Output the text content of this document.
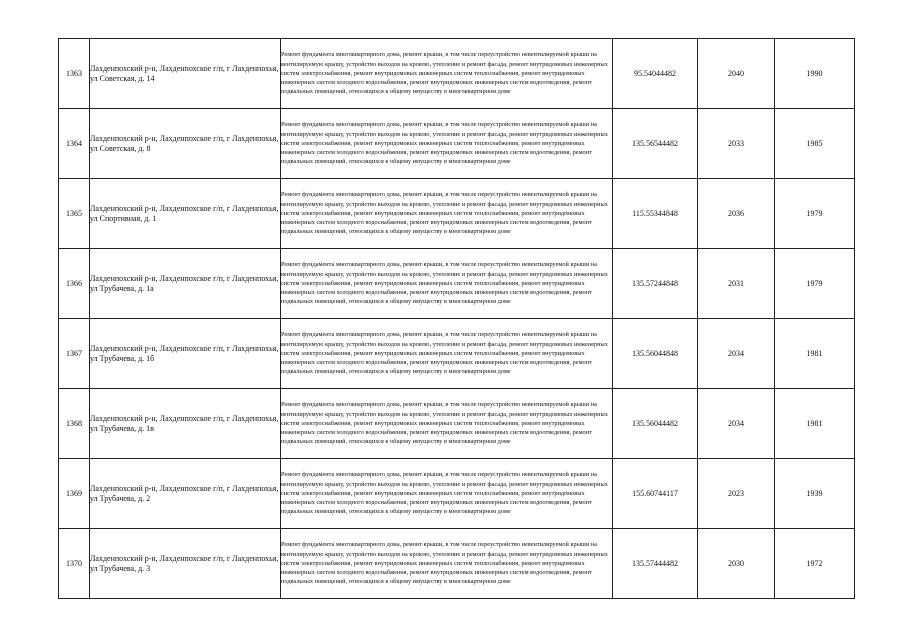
1363	Лахденпохский р-н, Лахденпохское г/п, г Лахденпохья, ул Советская, д. 14	Ремонт фундамента многоквартирного дома, ремонт крыши, в том числе переустройство невентилируемой крыши на вентилируемую крышу, устройство выходов на кровлю, утепление и ремонт фасада, ремонт внутридомовых инженерных систем электроснабжения, ремонт внутридомовых инженерных систем теплоснабжения, ремонт внутридомовых инженерных систем холодного водоснабжения, ремонт внутридомовых инженерных систем водоотведения, ремонт подвальных помещений, относящихся к общему имуществу в многоквартирном доме	95.54044482	2040	1990
1364	Лахденпохский р-н, Лахденпохское г/п, г Лахденпохья, ул Советская, д. 8	Ремонт фундамента многоквартирного дома, ремонт крыши, в том числе переустройство невентилируемой крыши на вентилируемую крышу, устройство выходов на кровлю, утепление и ремонт фасада, ремонт внутридомовых инженерных систем электроснабжения, ремонт внутридомовых инженерных систем теплоснабжения, ремонт внутридомовых инженерных систем холодного водоснабжения, ремонт внутридомовых инженерных систем водоотведения, ремонт подвальных помещений, относящихся к общему имуществу в многоквартирном доме	135.56544482	2033	1985
1365	Лахденпохский р-н, Лахденпохское г/п, г Лахденпохья, ул Спортивная, д. 1	Ремонт фундамента многоквартирного дома, ремонт крыши, в том числе переустройство невентилируемой крыши на вентилируемую крышу, устройство выходов на кровлю, утепление и ремонт фасада, ремонт внутридомовых инженерных систем электроснабжения, ремонт внутридомовых инженерных систем теплоснабжения, ремонт внутридомовых инженерных систем холодного водоснабжения, ремонт внутридомовых инженерных систем водоотведения, ремонт подвальных помещений, относящихся к общему имуществу в многоквартирном доме	115.55344848	2036	1979
1366	Лахденпохский р-н, Лахденпохское г/п, г Лахденпохья, ул Трубачева, д. 1а	Ремонт фундамента многоквартирного дома, ремонт крыши, в том числе переустройство невентилируемой крыши на вентилируемую крышу, устройство выходов на кровлю, утепление и ремонт фасада, ремонт внутридомовых инженерных систем электроснабжения, ремонт внутридомовых инженерных систем теплоснабжения, ремонт внутридомовых инженерных систем холодного водоснабжения, ремонт внутридомовых инженерных систем водоотведения, ремонт подвальных помещений, относящихся к общему имуществу в многоквартирном доме	135.57244848	2031	1979
1367	Лахденпохский р-н, Лахденпохское г/п, г Лахденпохья, ул Трубачева, д. 1б	Ремонт фундамента многоквартирного дома, ремонт крыши, в том числе переустройство невентилируемой крыши на вентилируемую крышу, устройство выходов на кровлю, утепление и ремонт фасада, ремонт внутридомовых инженерных систем электроснабжения, ремонт внутридомовых инженерных систем теплоснабжения, ремонт внутридомовых инженерных систем холодного водоснабжения, ремонт внутридомовых инженерных систем водоотведения, ремонт подвальных помещений, относящихся к общему имуществу в многоквартирном доме	135.56044848	2034	1981
1368	Лахденпохский р-н, Лахденпохское г/п, г Лахденпохья, ул Трубачева, д. 1в	Ремонт фундамента многоквартирного дома, ремонт крыши, в том числе переустройство невентилируемой крыши на вентилируемую крышу, устройство выходов на кровлю, утепление и ремонт фасада, ремонт внутридомовых инженерных систем электроснабжения, ремонт внутридомовых инженерных систем теплоснабжения, ремонт внутридомовых инженерных систем холодного водоснабжения, ремонт внутридомовых инженерных систем водоотведения, ремонт подвальных помещений, относящихся к общему имуществу в многоквартирном доме	135.56044482	2034	1981
1369	Лахденпохский р-н, Лахденпохское г/п, г Лахденпохья, ул Трубачева, д. 2	Ремонт фундамента многоквартирного дома, ремонт крыши, в том числе переустройство невентилируемой крыши на вентилируемую крышу, устройство выходов на кровлю, утепление и ремонт фасада, ремонт внутридомовых инженерных систем электроснабжения, ремонт внутридомовых инженерных систем теплоснабжения, ремонт внутридомовых инженерных систем холодного водоснабжения, ремонт внутридомовых инженерных систем водоотведения, ремонт подвальных помещений, относящихся к общему имуществу в многоквартирном доме	155.60744117	2023	1939
1370	Лахденпохский р-н, Лахденпохское г/п, г Лахденпохья, ул Трубачева, д. 3	Ремонт фундамента многоквартирного дома, ремонт крыши, в том числе переустройство невентилируемой крыши на вентилируемую крышу, устройство выходов на кровлю, утепление и ремонт фасада, ремонт внутридомовых инженерных систем электроснабжения, ремонт внутридомовых инженерных систем теплоснабжения, ремонт внутридомовых инженерных систем холодного водоснабжения, ремонт внутридомовых инженерных систем водоотведения, ремонт подвальных помещений, относящихся к общему имуществу в многоквартирном доме	135.57444482	2030	1972
